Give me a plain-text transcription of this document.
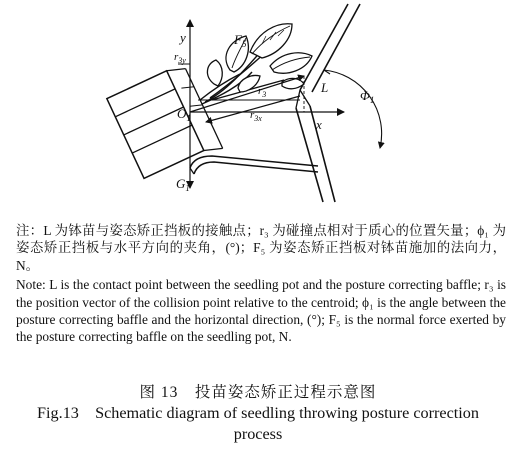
y
x
$r_{3y}$
$r_3$
$r_{3x}$
$O_1$
$F_5$
L
$\Phi_1$
$G_1$

注：L 为钵苗与姿态矫正挡板的接触点；r₃ 为碰撞点相对于质心的位置矢量；ϕ₁ 为姿态矫正挡板与水平方向的夹角，(°)；F₅ 为姿态矫正挡板对钵苗施加的法向力，N。

Note: L is the contact point between the seedling pot and the posture correcting baffle; r₃ is the position vector of the collision point relative to the centroid; ϕ₁ is the angle between the posture correcting baffle and the horizontal direction, (°); F₅ is the normal force exerted by the posture correcting baffle on the seedling pot, N.

图 13　投苗姿态矫正过程示意图
Fig.13　Schematic diagram of seedling throwing posture correction process
